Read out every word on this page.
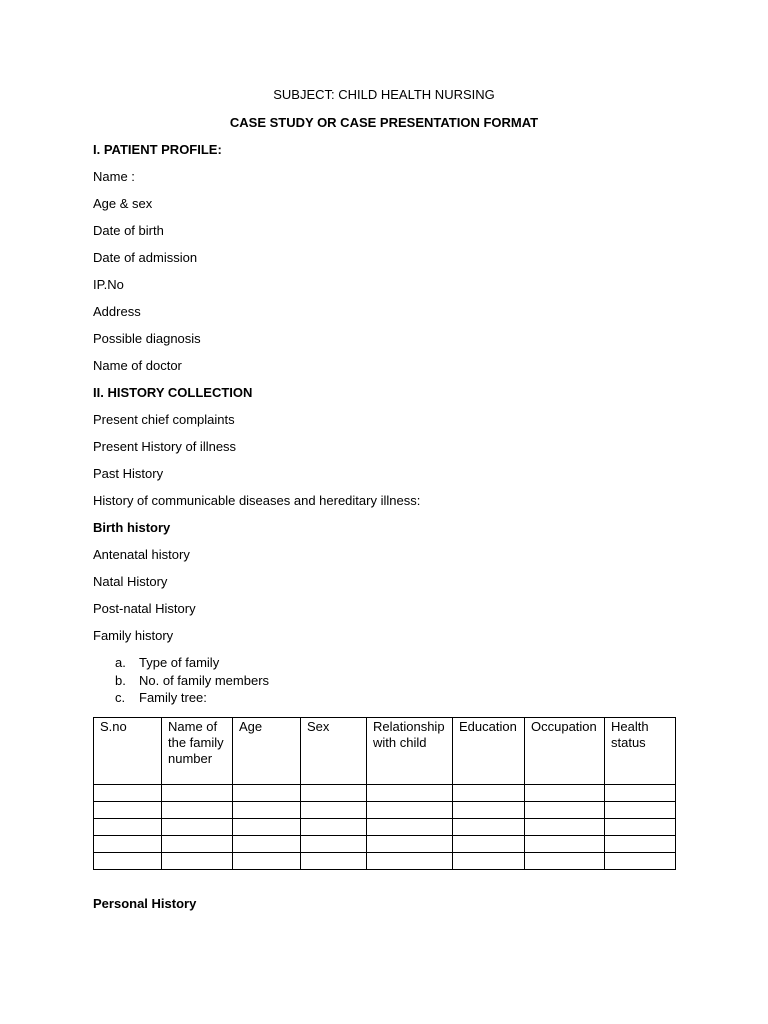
SUBJECT: CHILD HEALTH NURSING
CASE STUDY OR CASE PRESENTATION FORMAT
I. PATIENT PROFILE:
Name :
Age & sex
Date of birth
Date of admission
IP.No
Address
Possible diagnosis
Name of doctor
II. HISTORY COLLECTION
Present chief complaints
Present History of illness
Past History
History of communicable diseases and hereditary illness:
Birth history
Antenatal history
Natal History
Post-natal History
Family history
a. Type of family
b. No. of family members
c. Family tree:
S.no	Name of the family number	Age	Sex	Relationship with child	Education	Occupation	Health status

Personal History
